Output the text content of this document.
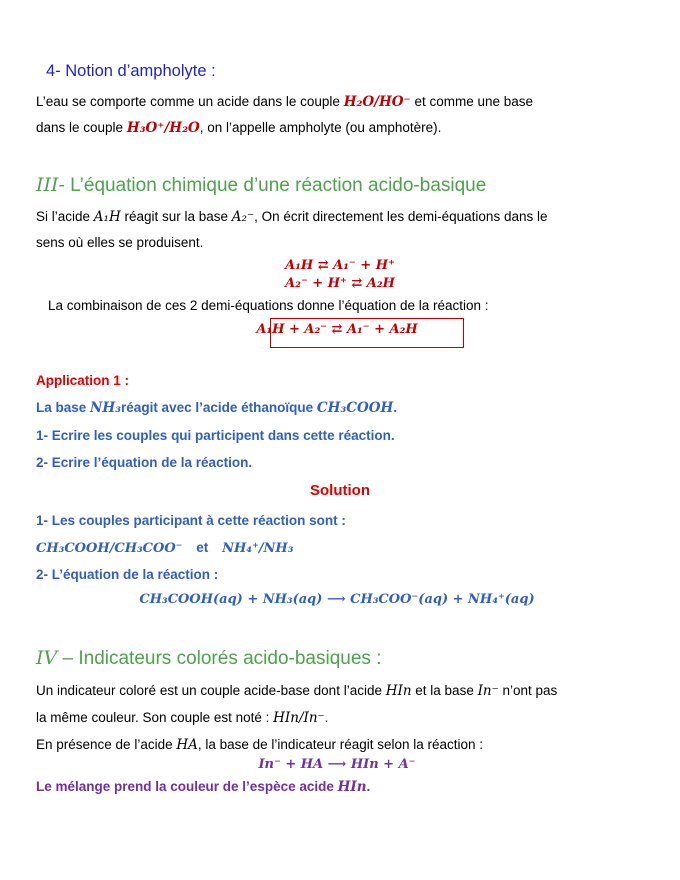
4- Notion d’ampholyte :
L’eau se comporte comme un acide dans le couple H₂O/HO⁻ et comme une base
dans le couple H₃O⁺/H₂O, on l’appelle ampholyte (ou amphotère).
III- L’équation chimique d’une réaction acido-basique
Si l’acide A₁H réagit sur la base A₂⁻, On écrit directement les demi-équations dans le
sens où elles se produisent.
A₁H ⇄ A₁⁻ + H⁺
A₂⁻ + H⁺ ⇄ A₂H
La combinaison de ces 2 demi-équations donne l’équation de la réaction :
A₁H + A₂⁻ ⇄ A₁⁻ + A₂H
Application 1 :
La base NH₃réagit avec l’acide éthanoïque CH₃COOH.
1- Ecrire les couples qui participent dans cette réaction.
2- Ecrire l’équation de la réaction.
Solution
1- Les couples participant à cette réaction sont :
CH₃COOH/CH₃COO⁻ et NH₄⁺/NH₃
2- L’équation de la réaction :
CH₃COOH(aq) + NH₃(aq) ⟶ CH₃COO⁻(aq) + NH₄⁺(aq)
IV – Indicateurs colorés acido-basiques :
Un indicateur coloré est un couple acide-base dont l’acide HIn et la base In⁻ n’ont pas
la même couleur. Son couple est noté : HIn/In⁻.
En présence de l’acide HA, la base de l’indicateur réagit selon la réaction :
In⁻ + HA ⟶ HIn + A⁻
Le mélange prend la couleur de l’espèce acide HIn.
